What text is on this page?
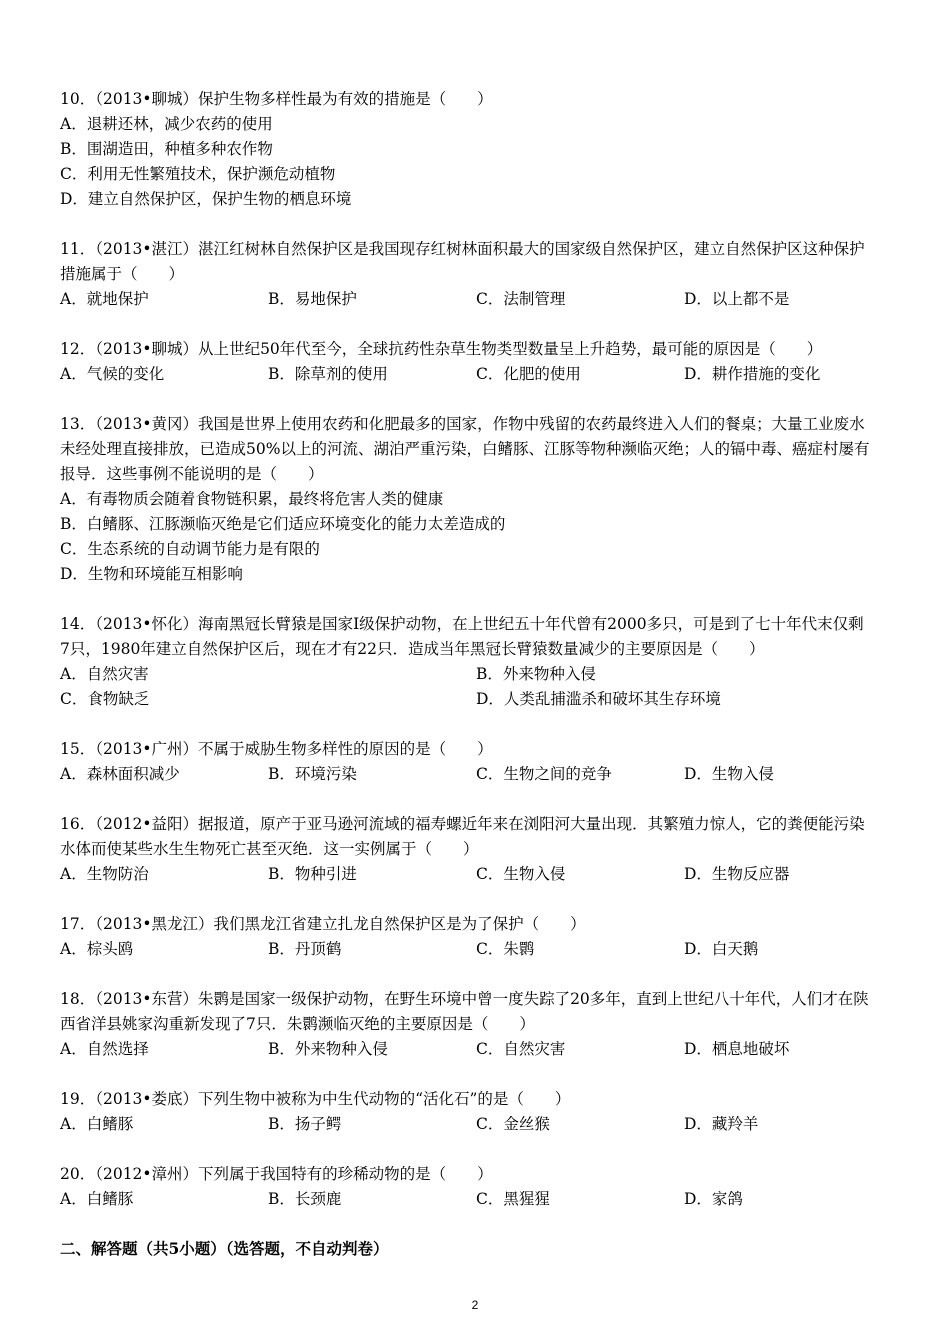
10．（2013•聊城）保护生物多样性最为有效的措施是（　　）
A．退耕还林，减少农药的使用
B．围湖造田，种植多种农作物
C．利用无性繁殖技术，保护濒危动植物
D．建立自然保护区，保护生物的栖息环境
11．（2013•湛江）湛江红树林自然保护区是我国现存红树林面积最大的国家级自然保护区，建立自然保护区这种保护
措施属于（　　）
A．就地保护	B．易地保护	C．法制管理	D．以上都不是
12．（2013•聊城）从上世纪50年代至今，全球抗药性杂草生物类型数量呈上升趋势，最可能的原因是（　　）
A．气候的变化	B．除草剂的使用	C．化肥的使用	D．耕作措施的变化
13．（2013•黄冈）我国是世界上使用农药和化肥最多的国家，作物中残留的农药最终进入人们的餐桌；大量工业废水
未经处理直接排放，已造成50%以上的河流、湖泊严重污染，白鳍豚、江豚等物种濒临灭绝；人的镉中毒、癌症村屡有
报导．这些事例不能说明的是（　　）
A．有毒物质会随着食物链积累，最终将危害人类的健康
B．白鳍豚、江豚濒临灭绝是它们适应环境变化的能力太差造成的
C．生态系统的自动调节能力是有限的
D．生物和环境能互相影响
14．（2013•怀化）海南黑冠长臂猿是国家Ⅰ级保护动物，在上世纪五十年代曾有2000多只，可是到了七十年代末仅剩
7只，1980年建立自然保护区后，现在才有22只．造成当年黑冠长臂猿数量减少的主要原因是（　　）
A．自然灾害	B．外来物种入侵
C．食物缺乏	D．人类乱捕滥杀和破坏其生存环境
15．（2013•广州）不属于威胁生物多样性的原因的是（　　）
A．森林面积减少	B．环境污染	C．生物之间的竞争	D．生物入侵
16．（2012•益阳）据报道，原产于亚马逊河流域的福寿螺近年来在浏阳河大量出现．其繁殖力惊人，它的粪便能污染
水体而使某些水生生物死亡甚至灭绝．这一实例属于（　　）
A．生物防治	B．物种引进	C．生物入侵	D．生物反应器
17．（2013•黑龙江）我们黑龙江省建立扎龙自然保护区是为了保护（　　）
A．棕头鸥	B．丹顶鹤	C．朱鹮	D．白天鹅
18．（2013•东营）朱鹮是国家一级保护动物，在野生环境中曾一度失踪了20多年，直到上世纪八十年代，人们才在陕
西省洋县姚家沟重新发现了7只．朱鹮濒临灭绝的主要原因是（　　）
A．自然选择	B．外来物种入侵	C．自然灾害	D．栖息地破坏
19．（2013•娄底）下列生物中被称为中生代动物的“活化石”的是（　　）
A．白鳍豚	B．扬子鳄	C．金丝猴	D．藏羚羊
20．（2012•漳州）下列属于我国特有的珍稀动物的是（　　）
A．白鳍豚	B．长颈鹿	C．黑猩猩	D．家鸽
二、解答题（共5小题）（选答题，不自动判卷）
2
